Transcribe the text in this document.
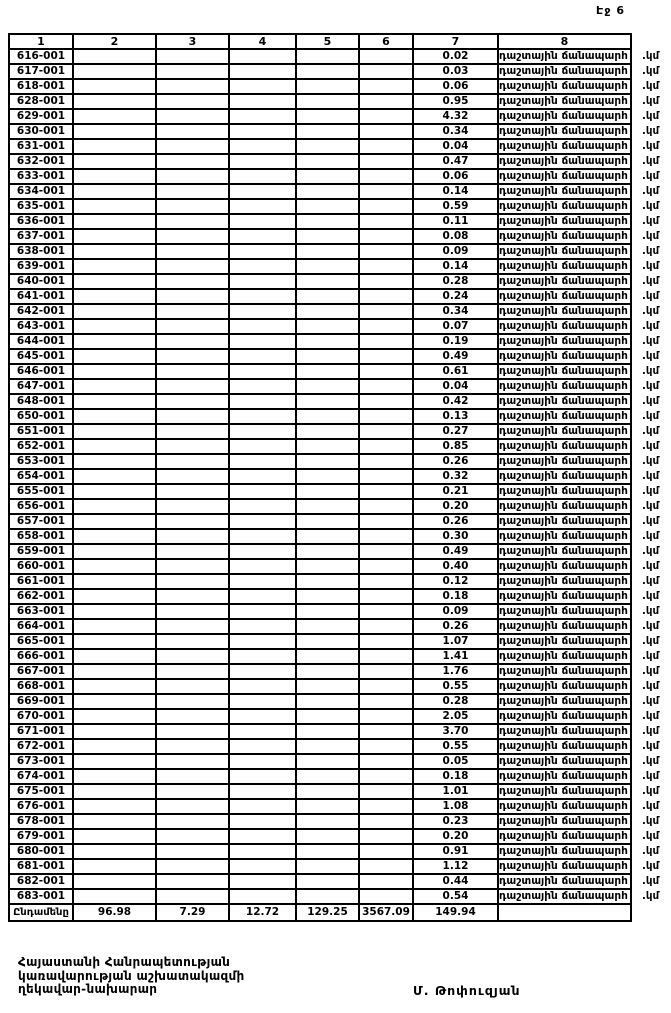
Էջ 6
1	2	3	4	5	6	7	8
616-001						0.02	դաշտային ճանապարհ .կմ

617-001						0.03	դաշտային ճանապարհ .կմ

618-001						0.06	դաշտային ճանապարհ .կմ

628-001						0.95	դաշտային ճանապարհ .կմ

629-001						4.32	դաշտային ճանապարհ .կմ

630-001						0.34	դաշտային ճանապարհ .կմ

631-001						0.04	դաշտային ճանապարհ .կմ

632-001						0.47	դաշտային ճանապարհ .կմ

633-001						0.06	դաշտային ճանապարհ .կմ

634-001						0.14	դաշտային ճանապարհ .կմ

635-001						0.59	դաշտային ճանապարհ .կմ

636-001						0.11	դաշտային ճանապարհ .կմ

637-001						0.08	դաշտային ճանապարհ .կմ

638-001						0.09	դաշտային ճանապարհ .կմ

639-001						0.14	դաշտային ճանապարհ .կմ

640-001						0.28	դաշտային ճանապարհ .կմ

641-001						0.24	դաշտային ճանապարհ .կմ

642-001						0.34	դաշտային ճանապարհ .կմ

643-001						0.07	դաշտային ճանապարհ .կմ

644-001						0.19	դաշտային ճանապարհ .կմ

645-001						0.49	դաշտային ճանապարհ .կմ

646-001						0.61	դաշտային ճանապարհ .կմ

647-001						0.04	դաշտային ճանապարհ .կմ

648-001						0.42	դաշտային ճանապարհ .կմ

650-001						0.13	դաշտային ճանապարհ .կմ

651-001						0.27	դաշտային ճանապարհ .կմ

652-001						0.85	դաշտային ճանապարհ .կմ

653-001						0.26	դաշտային ճանապարհ .կմ

654-001						0.32	դաշտային ճանապարհ .կմ

655-001						0.21	դաշտային ճանապարհ .կմ

656-001						0.20	դաշտային ճանապարհ .կմ

657-001						0.26	դաշտային ճանապարհ .կմ

658-001						0.30	դաշտային ճանապարհ .կմ

659-001						0.49	դաշտային ճանապարհ .կմ

660-001						0.40	դաշտային ճանապարհ .կմ

661-001						0.12	դաշտային ճանապարհ .կմ

662-001						0.18	դաշտային ճանապարհ .կմ

663-001						0.09	դաշտային ճանապարհ .կմ

664-001						0.26	դաշտային ճանապարհ .կմ

665-001						1.07	դաշտային ճանապարհ .կմ

666-001						1.41	դաշտային ճանապարհ .կմ

667-001						1.76	դաշտային ճանապարհ .կմ

668-001						0.55	դաշտային ճանապարհ .կմ

669-001						0.28	դաշտային ճանապարհ .կմ

670-001						2.05	դաշտային ճանապարհ .կմ

671-001						3.70	դաշտային ճանապարհ .կմ

672-001						0.55	դաշտային ճանապարհ .կմ

673-001						0.05	դաշտային ճանապարհ .կմ

674-001						0.18	դաշտային ճանապարհ .կմ

675-001						1.01	դաշտային ճանապարհ .կմ

676-001						1.08	դաշտային ճանապարհ .կմ

678-001						0.23	դաշտային ճանապարհ .կմ

679-001						0.20	դաշտային ճանապարհ .կմ

680-001						0.91	դաշտային ճանապարհ .կմ

681-001						1.12	դաշտային ճանապարհ .կմ

682-001						0.44	դաշտային ճանապարհ .կմ

683-001						0.54	դաշտային ճանապարհ .կմ

Ընդամենը	96.98	7.29	12.72	129.25	3567.09	149.94	
Հայաստանի Հանրապետության
կառավարության աշխատակազմի
ղեկավար-նախարար	Մ. Թոփուզյան
